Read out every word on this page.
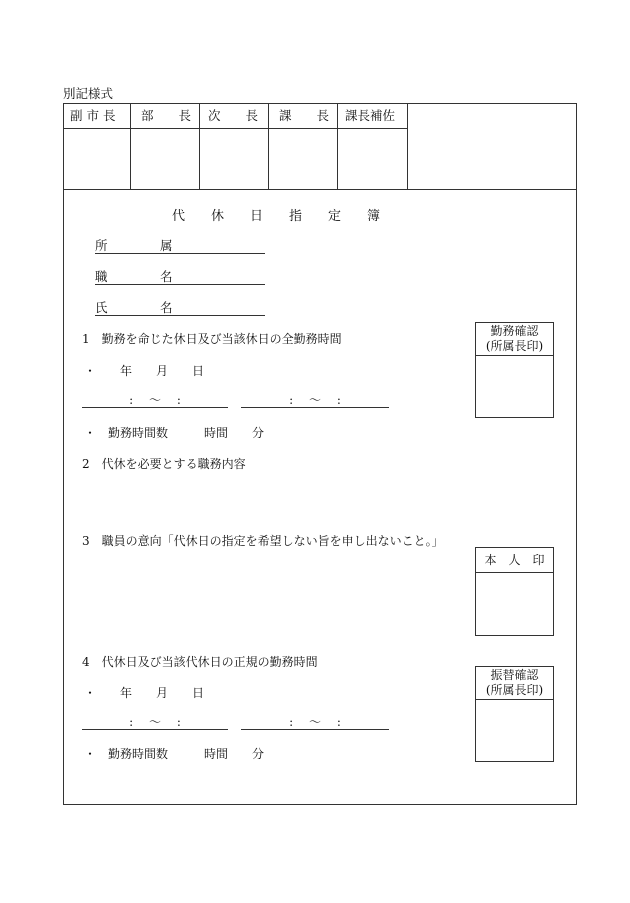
別記様式
副 市 長	部　　長	次　　長	課　　長	課長補佐
代休日指定簿
所　属
職　名
氏　名
1　勤務を命じた休日及び当該休日の全勤務時間
・　　年　　月　　日
:　 ～　 :	:　 ～　 :
・　勤務時間数　　　時間　　分
勤務確認
(所属長印)
2　代休を必要とする職務内容
3　職員の意向「代休日の指定を希望しない旨を申し出ないこと。」
本　人　印
4　代休日及び当該代休日の正規の勤務時間
・　　年　　月　　日
:　 ～　 :	:　 ～　 :
・　勤務時間数　　　時間　　分
振替確認
(所属長印)
